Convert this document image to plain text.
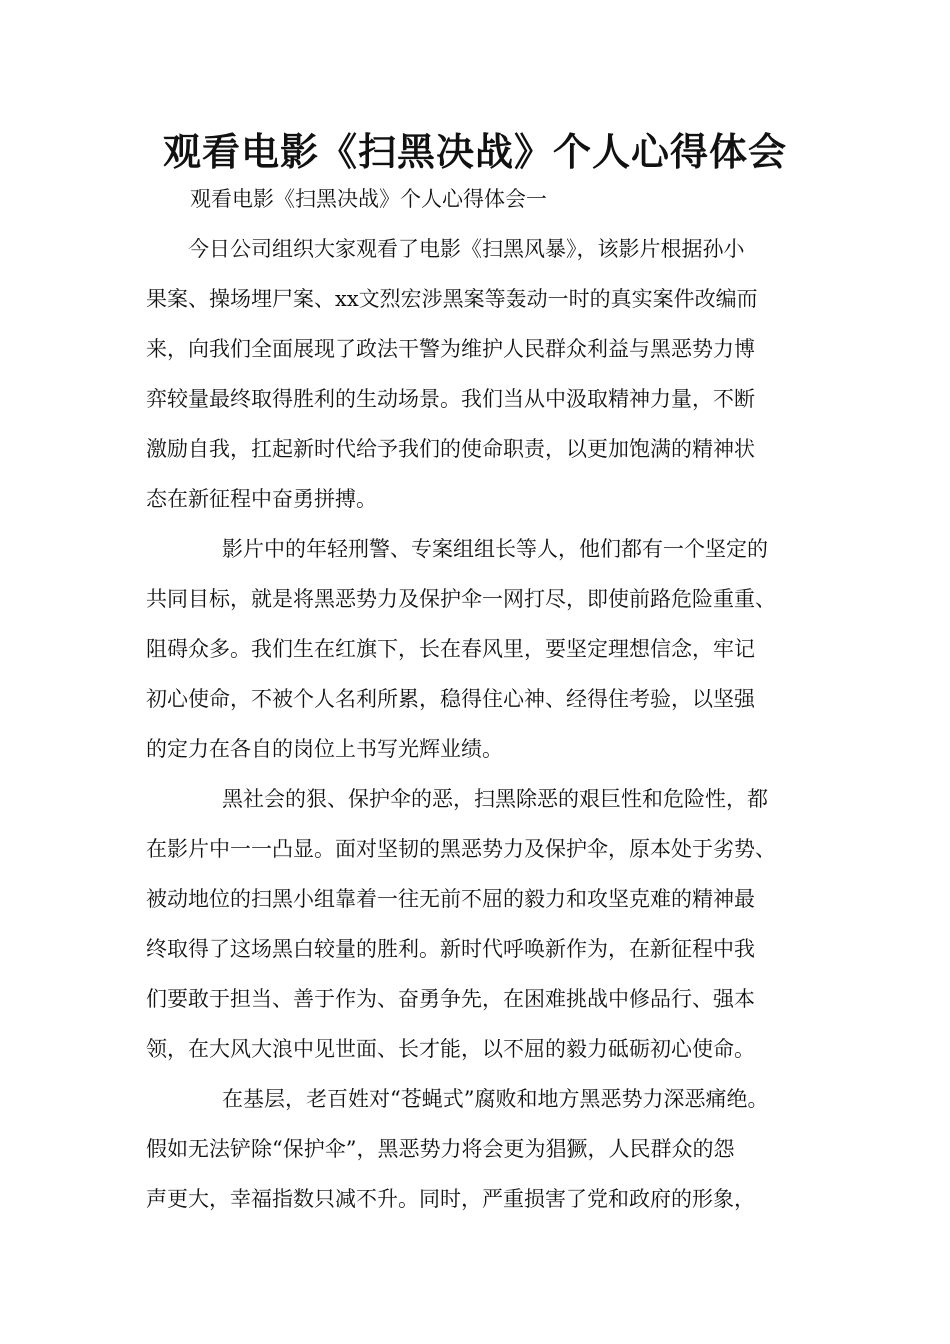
观看电影《扫黑决战》个人心得体会

观看电影《扫黑决战》个人心得体会一

今日公司组织大家观看了电影《扫黑风暴》，该影片根据孙小

果案、操场埋尸案、xx文烈宏涉黑案等轰动一时的真实案件改编而

来，向我们全面展现了政法干警为维护人民群众利益与黑恶势力博

弈较量最终取得胜利的生动场景。我们当从中汲取精神力量，不断

激励自我，扛起新时代给予我们的使命职责，以更加饱满的精神状

态在新征程中奋勇拼搏。

影片中的年轻刑警、专案组组长等人，他们都有一个坚定的

共同目标，就是将黑恶势力及保护伞一网打尽，即使前路危险重重、

阻碍众多。我们生在红旗下，长在春风里，要坚定理想信念，牢记

初心使命，不被个人名利所累，稳得住心神、经得住考验，以坚强

的定力在各自的岗位上书写光辉业绩。

黑社会的狠、保护伞的恶，扫黑除恶的艰巨性和危险性，都

在影片中一一凸显。面对坚韧的黑恶势力及保护伞，原本处于劣势、

被动地位的扫黑小组靠着一往无前不屈的毅力和攻坚克难的精神最

终取得了这场黑白较量的胜利。新时代呼唤新作为，在新征程中我

们要敢于担当、善于作为、奋勇争先，在困难挑战中修品行、强本

领，在大风大浪中见世面、长才能，以不屈的毅力砥砺初心使命。

在基层，老百姓对“苍蝇式”腐败和地方黑恶势力深恶痛绝。

假如无法铲除“保护伞”，黑恶势力将会更为猖獗，人民群众的怨

声更大，幸福指数只减不升。同时，严重损害了党和政府的形象，
